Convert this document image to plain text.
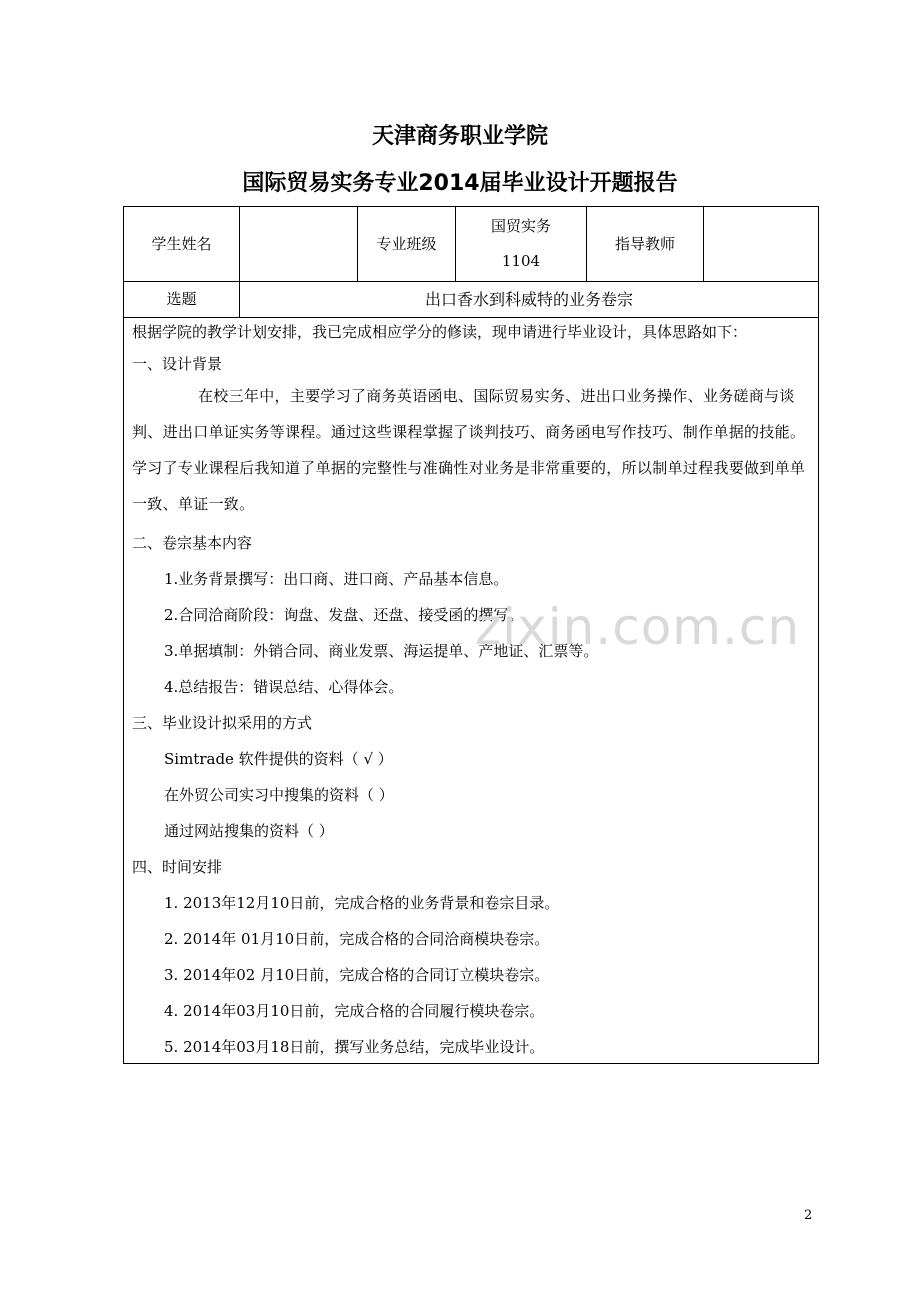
天津商务职业学院
国际贸易实务专业2014届毕业设计开题报告
学生姓名	专业班级
国贸实务
1104
指导教师
选题	出口香水到科威特的业务卷宗
根据学院的教学计划安排，我已完成相应学分的修读，现申请进行毕业设计，具体思路如下：
一、设计背景
在校三年中，主要学习了商务英语函电、国际贸易实务、进出口业务操作、业务磋商与谈判、进出口单证实务等课程。通过这些课程掌握了谈判技巧、商务函电写作技巧、制作单据的技能。学习了专业课程后我知道了单据的完整性与准确性对业务是非常重要的，所以制单过程我要做到单单一致、单证一致。
二、卷宗基本内容
1.业务背景撰写：出口商、进口商、产品基本信息。
2.合同洽商阶段：询盘、发盘、还盘、接受函的撰写。
3.单据填制：外销合同、商业发票、海运提单、产地证、汇票等。
4.总结报告：错误总结、心得体会。
三、毕业设计拟采用的方式
Simtrade 软件提供的资料（ √ ）
在外贸公司实习中搜集的资料（ ）
通过网站搜集的资料（ ）
四、时间安排
1. 2013年12月10日前，完成合格的业务背景和卷宗目录。
2. 2014年 01月10日前，完成合格的合同洽商模块卷宗。
3. 2014年02 月10日前，完成合格的合同订立模块卷宗。
4. 2014年03月10日前，完成合格的合同履行模块卷宗。
5. 2014年03月18日前，撰写业务总结，完成毕业设计。
zixin.com.cn
2
